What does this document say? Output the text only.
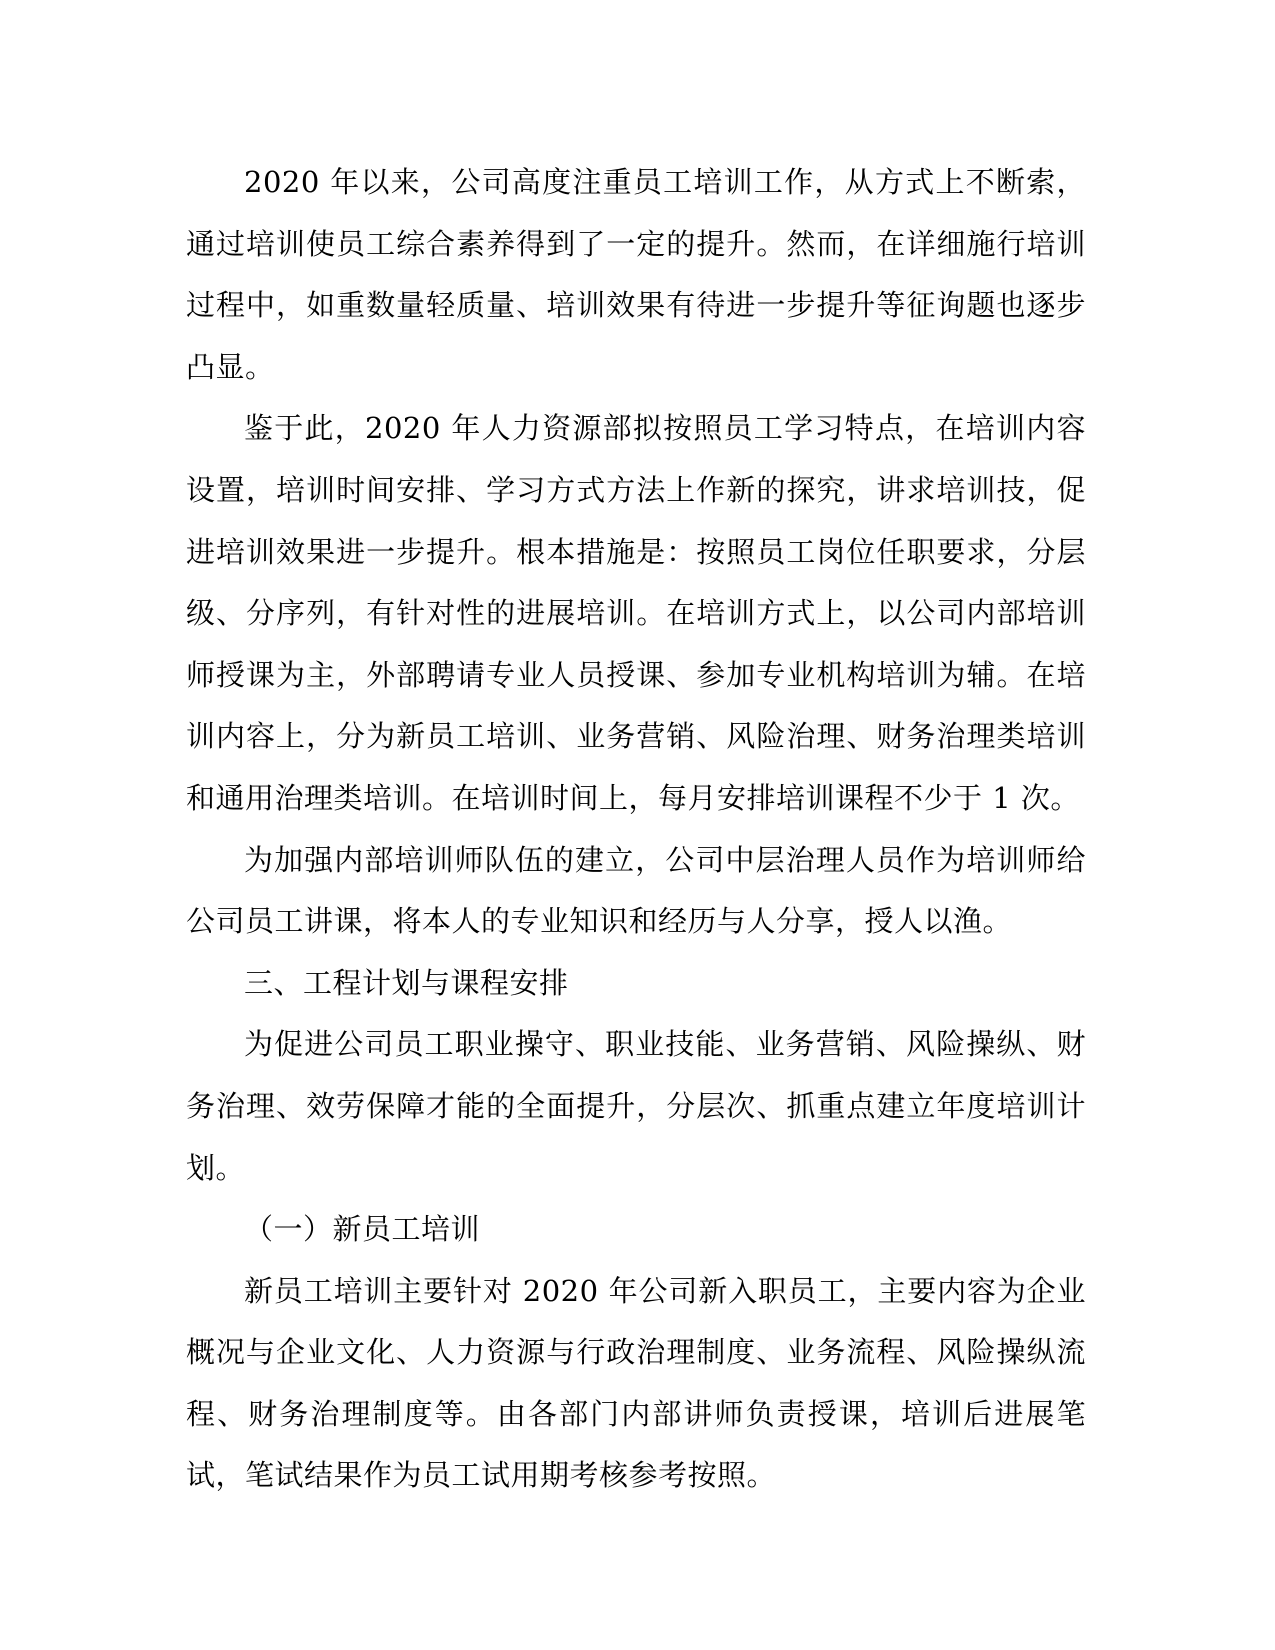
2020 年以来，公司高度注重员工培训工作，从方式上不断索，通过培训使员工综合素养得到了一定的提升。然而，在详细施行培训过程中，如重数量轻质量、培训效果有待进一步提升等征询题也逐步凸显。

鉴于此，2020 年人力资源部拟按照员工学习特点，在培训内容设置，培训时间安排、学习方式方法上作新的探究，讲求培训技，促进培训效果进一步提升。根本措施是：按照员工岗位任职要求，分层级、分序列，有针对性的进展培训。在培训方式上，以公司内部培训师授课为主，外部聘请专业人员授课、参加专业机构培训为辅。在培训内容上，分为新员工培训、业务营销、风险治理、财务治理类培训和通用治理类培训。在培训时间上，每月安排培训课程不少于 1 次。

为加强内部培训师队伍的建立，公司中层治理人员作为培训师给公司员工讲课，将本人的专业知识和经历与人分享，授人以渔。

三、工程计划与课程安排

为促进公司员工职业操守、职业技能、业务营销、风险操纵、财务治理、效劳保障才能的全面提升，分层次、抓重点建立年度培训计划。

（一）新员工培训

新员工培训主要针对 2020 年公司新入职员工，主要内容为企业概况与企业文化、人力资源与行政治理制度、业务流程、风险操纵流程、财务治理制度等。由各部门内部讲师负责授课，培训后进展笔试，笔试结果作为员工试用期考核参考按照。
